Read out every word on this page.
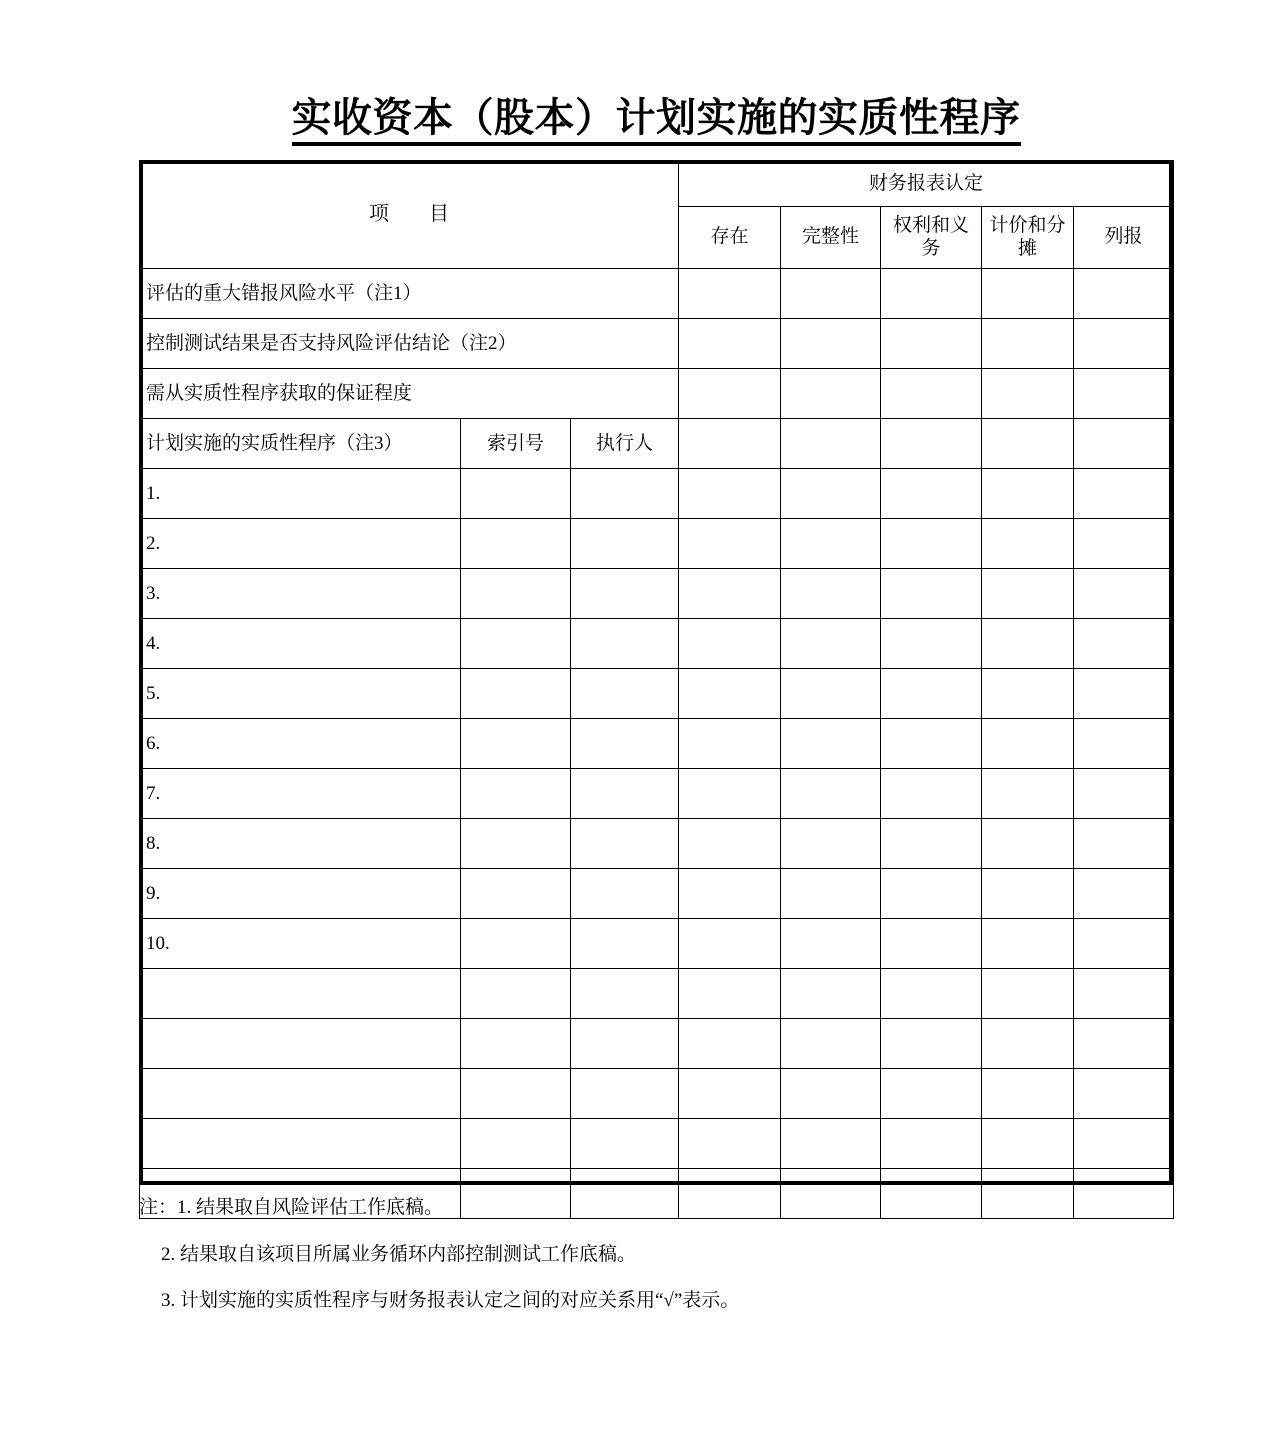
实收资本（股本）计划实施的实质性程序
项　目			财务报表认定				
			存在	完整性	权利和义务	计价和分摊	列报
评估的重大错报风险水平（注1）							
控制测试结果是否支持风险评估结论（注2）							
需从实质性程序获取的保证程度							
计划实施的实质性程序（注3）	索引号	执行人					
1.							
2.							
3.							
4.							
5.							
6.							
7.							
8.							
9.							
10.							

注：1. 结果取自风险评估工作底稿。
2. 结果取自该项目所属业务循环内部控制测试工作底稿。
3. 计划实施的实质性程序与财务报表认定之间的对应关系用“√”表示。
